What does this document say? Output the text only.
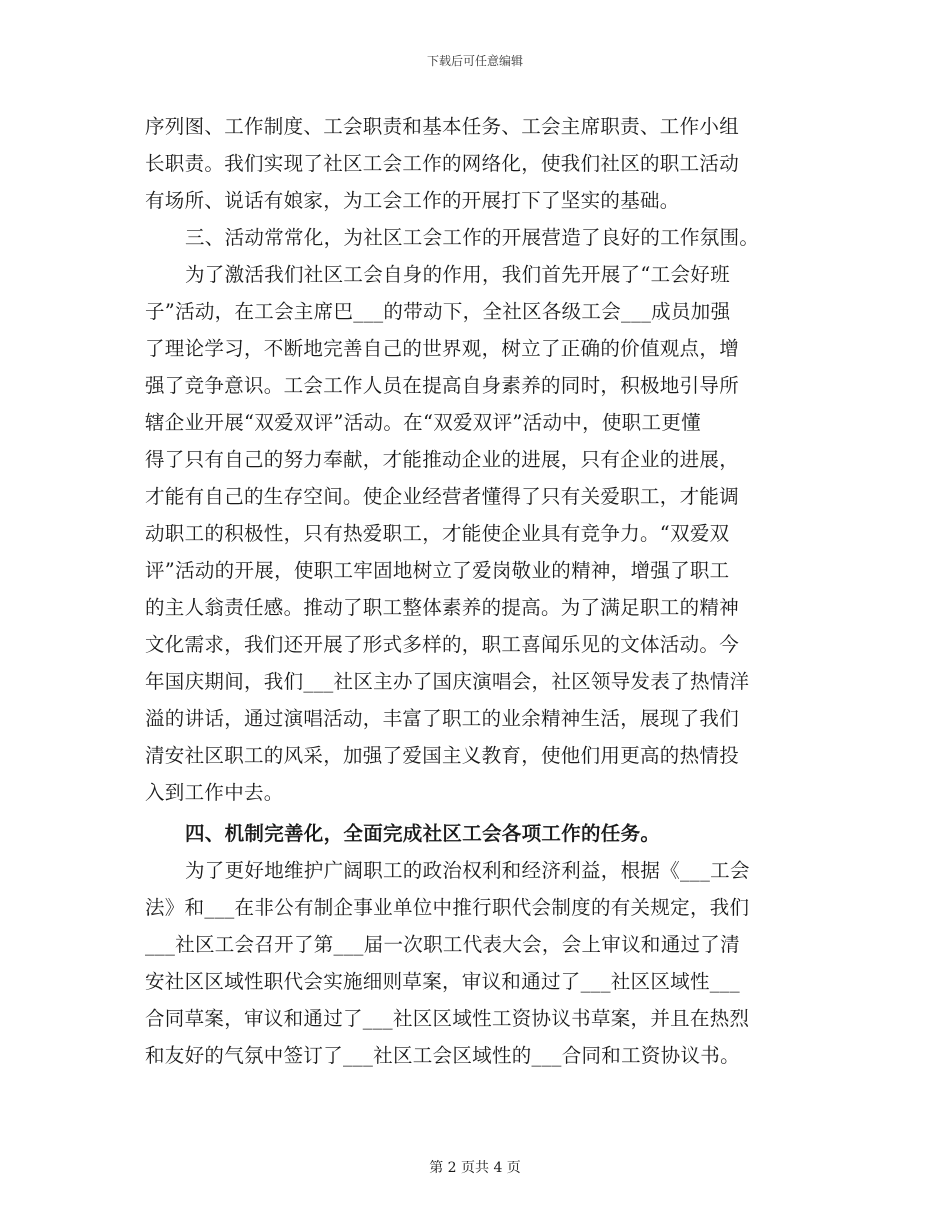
下载后可任意编辑
序列图、工作制度、工会职责和基本任务、工会主席职责、工作小组
长职责。我们实现了社区工会工作的网络化，使我们社区的职工活动
有场所、说话有娘家，为工会工作的开展打下了坚实的基础。
三、活动常常化，为社区工会工作的开展营造了良好的工作氛围。
为了激活我们社区工会自身的作用，我们首先开展了“工会好班
子”活动，在工会主席巴___的带动下，全社区各级工会___成员加强
了理论学习，不断地完善自己的世界观，树立了正确的价值观点，增
强了竞争意识。工会工作人员在提高自身素养的同时，积极地引导所
辖企业开展“双爱双评”活动。在“双爱双评”活动中，使职工更懂
得了只有自己的努力奉献，才能推动企业的进展，只有企业的进展，
才能有自己的生存空间。使企业经营者懂得了只有关爱职工，才能调
动职工的积极性，只有热爱职工，才能使企业具有竞争力。“双爱双
评”活动的开展，使职工牢固地树立了爱岗敬业的精神，增强了职工
的主人翁责任感。推动了职工整体素养的提高。为了满足职工的精神
文化需求，我们还开展了形式多样的，职工喜闻乐见的文体活动。今
年国庆期间，我们___社区主办了国庆演唱会，社区领导发表了热情洋
溢的讲话，通过演唱活动，丰富了职工的业余精神生活，展现了我们
清安社区职工的风采，加强了爱国主义教育，使他们用更高的热情投
入到工作中去。
四、机制完善化，全面完成社区工会各项工作的任务。
为了更好地维护广阔职工的政治权利和经济利益，根据《___工会
法》和___在非公有制企事业单位中推行职代会制度的有关规定，我们
___社区工会召开了第___届一次职工代表大会，会上审议和通过了清
安社区区域性职代会实施细则草案，审议和通过了___社区区域性___
合同草案，审议和通过了___社区区域性工资协议书草案，并且在热烈
和友好的气氛中签订了___社区工会区域性的___合同和工资协议书。
第 2 页共 4 页
